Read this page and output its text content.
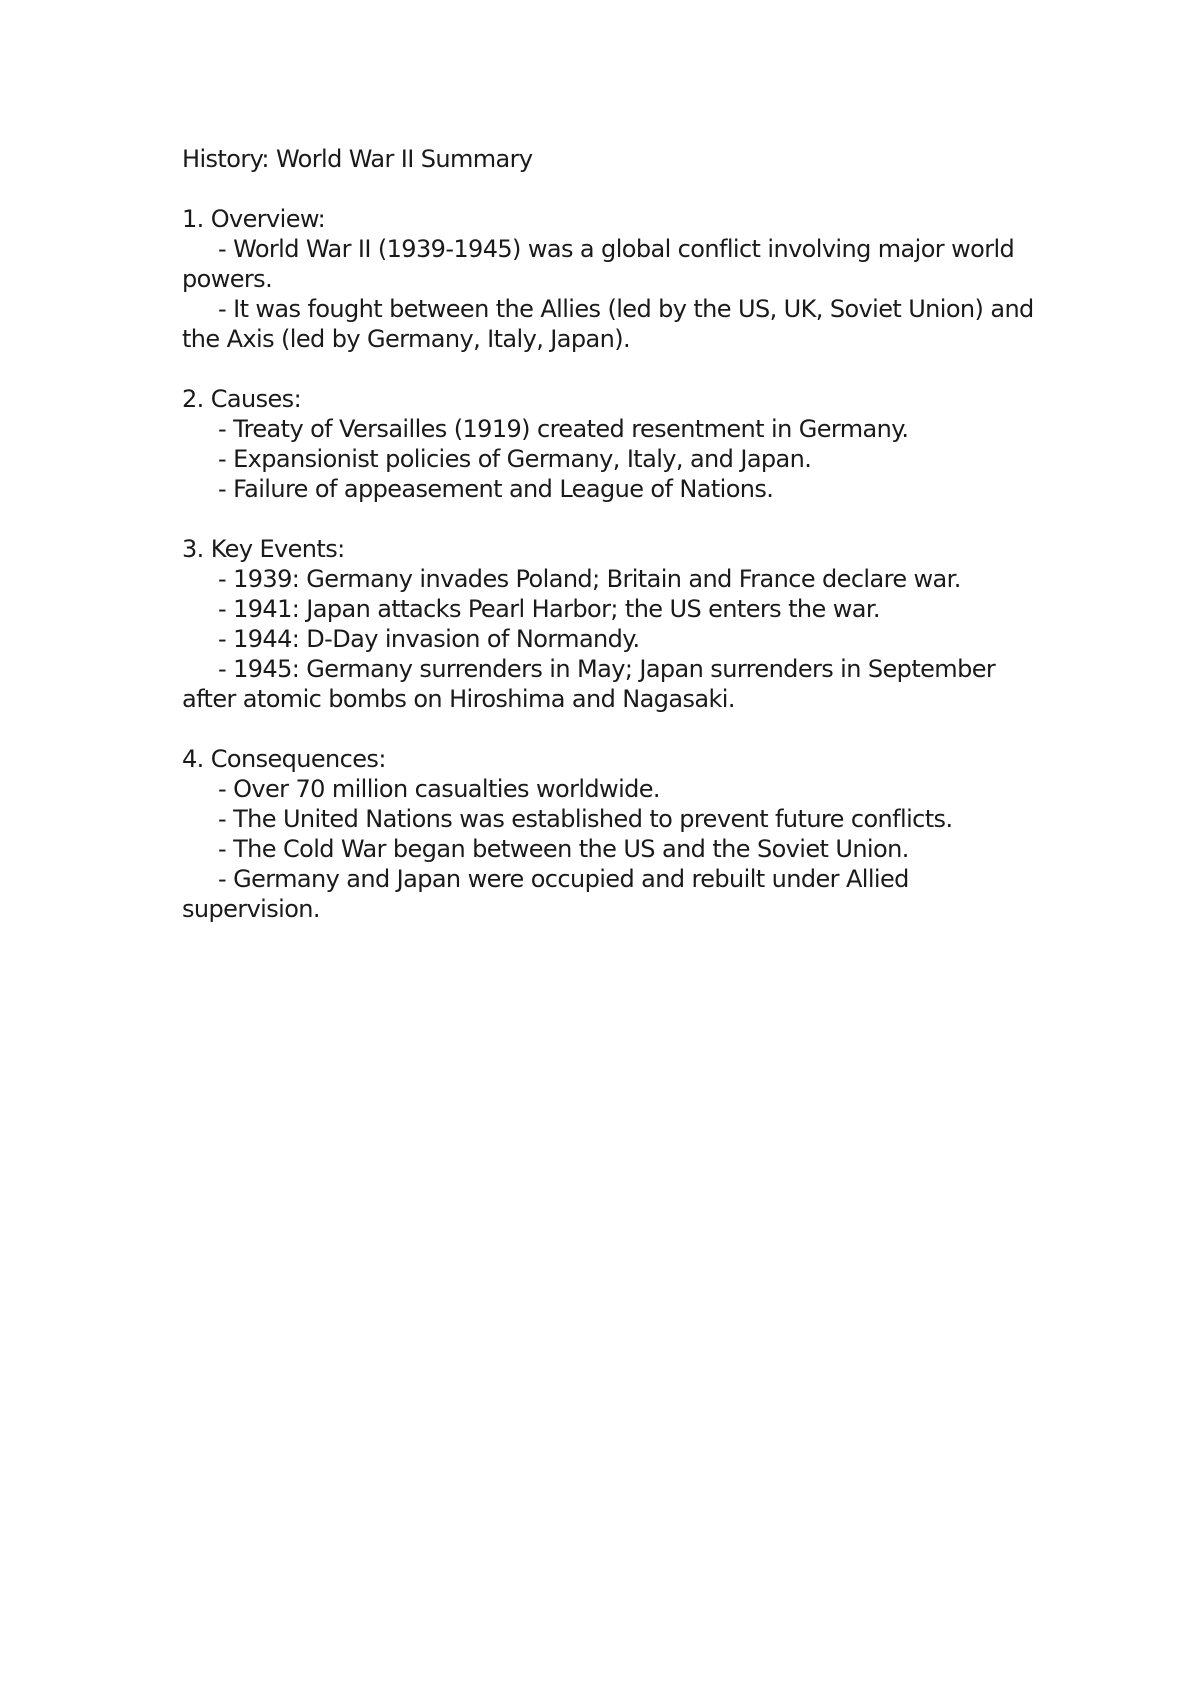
History: World War II Summary
1. Overview:
- World War II (1939-1945) was a global conflict involving major world powers.
- It was fought between the Allies (led by the US, UK, Soviet Union) and the Axis (led by Germany, Italy, Japan).
2. Causes:
- Treaty of Versailles (1919) created resentment in Germany.
- Expansionist policies of Germany, Italy, and Japan.
- Failure of appeasement and League of Nations.
3. Key Events:
- 1939: Germany invades Poland; Britain and France declare war.
- 1941: Japan attacks Pearl Harbor; the US enters the war.
- 1944: D-Day invasion of Normandy.
- 1945: Germany surrenders in May; Japan surrenders in September after atomic bombs on Hiroshima and Nagasaki.
4. Consequences:
- Over 70 million casualties worldwide.
- The United Nations was established to prevent future conflicts.
- The Cold War began between the US and the Soviet Union.
- Germany and Japan were occupied and rebuilt under Allied supervision.
